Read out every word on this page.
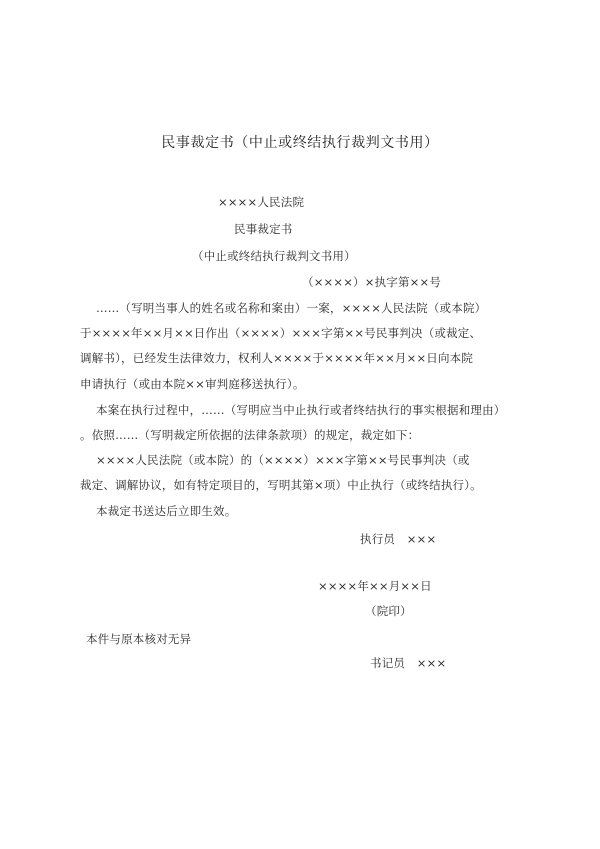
民事裁定书（中止或终结执行裁判文书用）
××××人民法院
民事裁定书
（中止或终结执行裁判文书用）
（××××）×执字第××号
……（写明当事人的姓名或名称和案由）一案，××××人民法院（或本院）
于××××年××月××日作出（××××）×××字第××号民事判决（或裁定、
调解书），已经发生法律效力，权利人××××于××××年××月××日向本院
申请执行（或由本院××审判庭移送执行）。
本案在执行过程中，……（写明应当中止执行或者终结执行的事实根据和理由）
。依照……（写明裁定所依据的法律条款项）的规定，裁定如下：
××××人民法院（或本院）的（××××）×××字第××号民事判决（或
裁定、调解协议，如有特定项目的，写明其第×项）中止执行（或终结执行）。
本裁定书送达后立即生效。
执行员　×××
××××年××月××日
（院印）
本件与原本核对无异
书记员　×××
